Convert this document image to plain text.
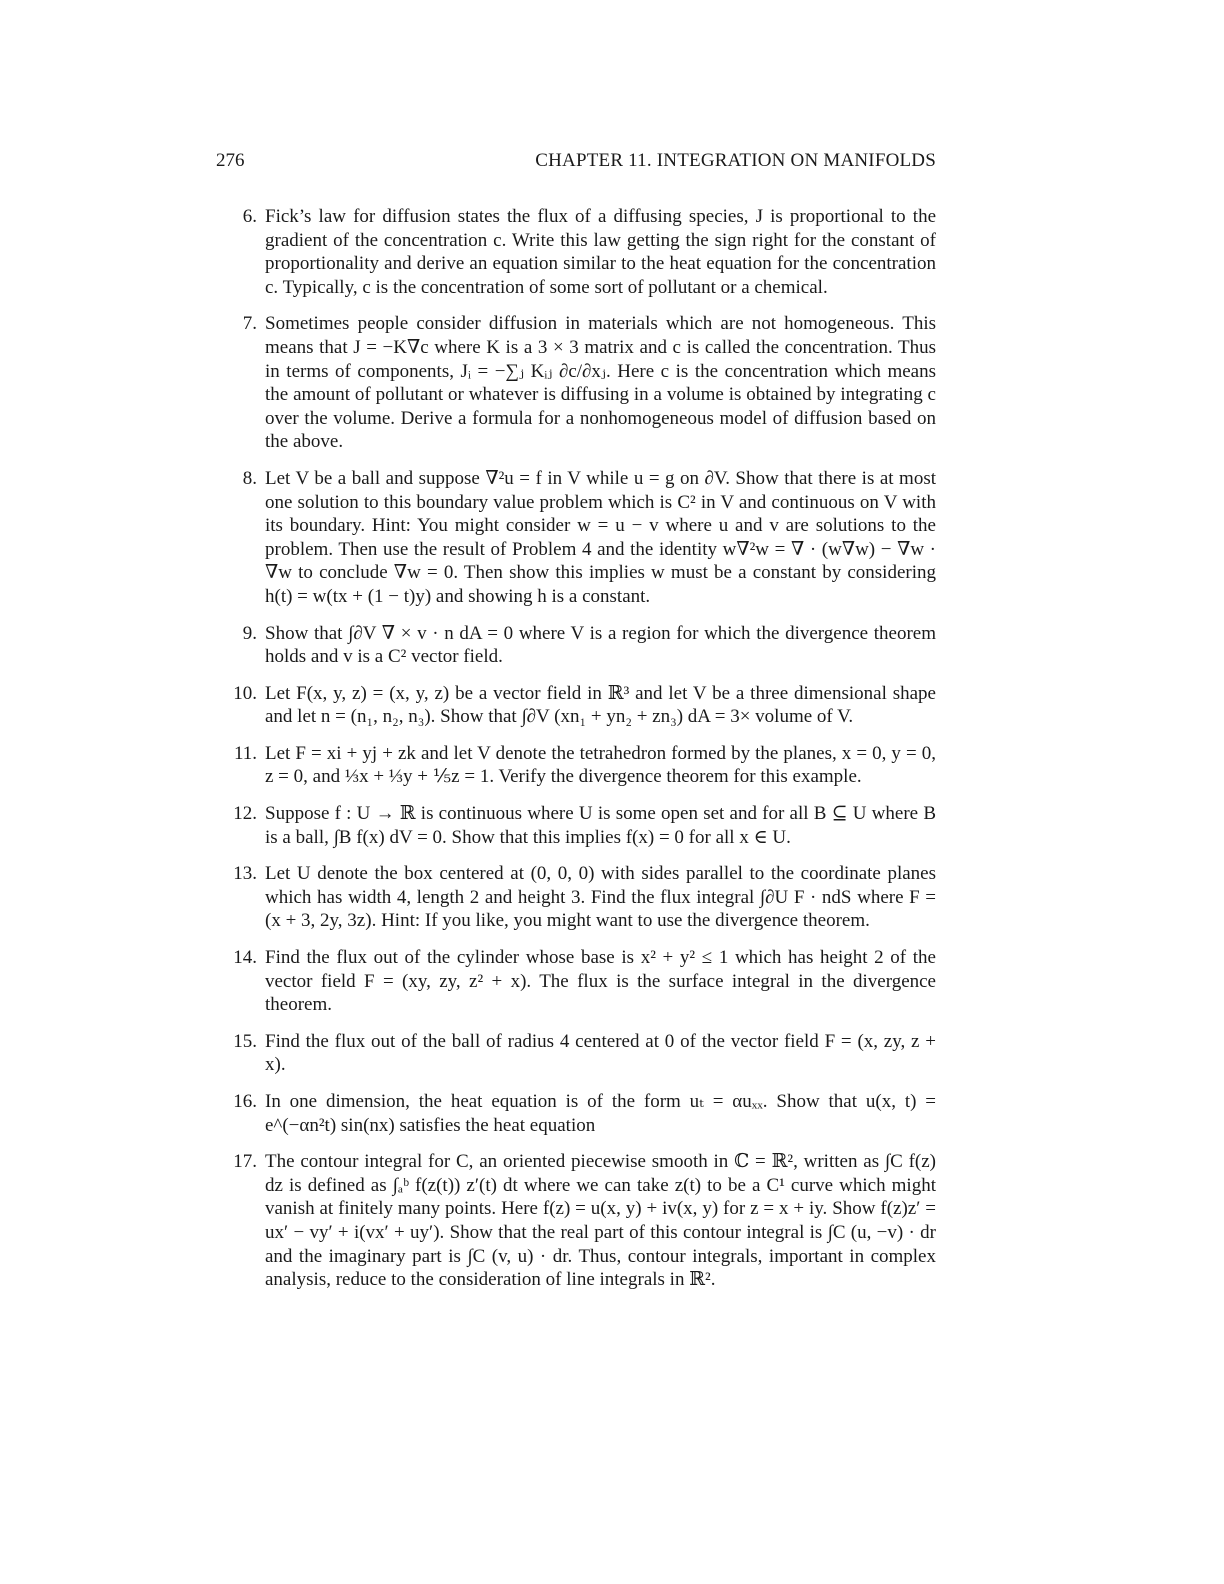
276	CHAPTER 11. INTEGRATION ON MANIFOLDS
6. Fick’s law for diffusion states the flux of a diffusing species, J is proportional to the gradient of the concentration c. Write this law getting the sign right for the constant of proportionality and derive an equation similar to the heat equation for the concentration c. Typically, c is the concentration of some sort of pollutant or a chemical.
7. Sometimes people consider diffusion in materials which are not homogeneous. This means that J = −K∇c where K is a 3 × 3 matrix and c is called the concentration. Thus in terms of components, Jᵢ = −∑ⱼ Kᵢⱼ ∂c/∂xⱼ. Here c is the concentration which means the amount of pollutant or whatever is diffusing in a volume is obtained by integrating c over the volume. Derive a formula for a nonhomogeneous model of diffusion based on the above.
8. Let V be a ball and suppose ∇²u = f in V while u = g on ∂V. Show that there is at most one solution to this boundary value problem which is C² in V and continuous on V with its boundary. Hint: You might consider w = u − v where u and v are solutions to the problem. Then use the result of Problem 4 and the identity w∇²w = ∇ · (w∇w) − ∇w · ∇w to conclude ∇w = 0. Then show this implies w must be a constant by considering h(t) = w(tx + (1 − t)y) and showing h is a constant.
9. Show that ∫∂V ∇ × v · n dA = 0 where V is a region for which the divergence theorem holds and v is a C² vector field.
10. Let F(x, y, z) = (x, y, z) be a vector field in ℝ³ and let V be a three dimensional shape and let n = (n₁, n₂, n₃). Show that ∫∂V (xn₁ + yn₂ + zn₃) dA = 3× volume of V.
11. Let F = xi + yj + zk and let V denote the tetrahedron formed by the planes, x = 0, y = 0, z = 0, and ⅓x + ⅓y + ⅕z = 1. Verify the divergence theorem for this example.
12. Suppose f : U → ℝ is continuous where U is some open set and for all B ⊆ U where B is a ball, ∫B f(x) dV = 0. Show that this implies f(x) = 0 for all x ∈ U.
13. Let U denote the box centered at (0, 0, 0) with sides parallel to the coordinate planes which has width 4, length 2 and height 3. Find the flux integral ∫∂U F · ndS where F = (x + 3, 2y, 3z). Hint: If you like, you might want to use the divergence theorem.
14. Find the flux out of the cylinder whose base is x² + y² ≤ 1 which has height 2 of the vector field F = (xy, zy, z² + x). The flux is the surface integral in the divergence theorem.
15. Find the flux out of the ball of radius 4 centered at 0 of the vector field F = (x, zy, z + x).
16. In one dimension, the heat equation is of the form uₜ = αuₓₓ. Show that u(x, t) = e^(−αn²t) sin(nx) satisfies the heat equation
17. The contour integral for C, an oriented piecewise smooth in ℂ = ℝ², written as ∫C f(z) dz is defined as ∫ₐᵇ f(z(t)) z′(t) dt where we can take z(t) to be a C¹ curve which might vanish at finitely many points. Here f(z) = u(x, y) + iv(x, y) for z = x + iy. Show f(z)z′ = ux′ − vy′ + i(vx′ + uy′). Show that the real part of this contour integral is ∫C (u, −v) · dr and the imaginary part is ∫C (v, u) · dr. Thus, contour integrals, important in complex analysis, reduce to the consideration of line integrals in ℝ².
